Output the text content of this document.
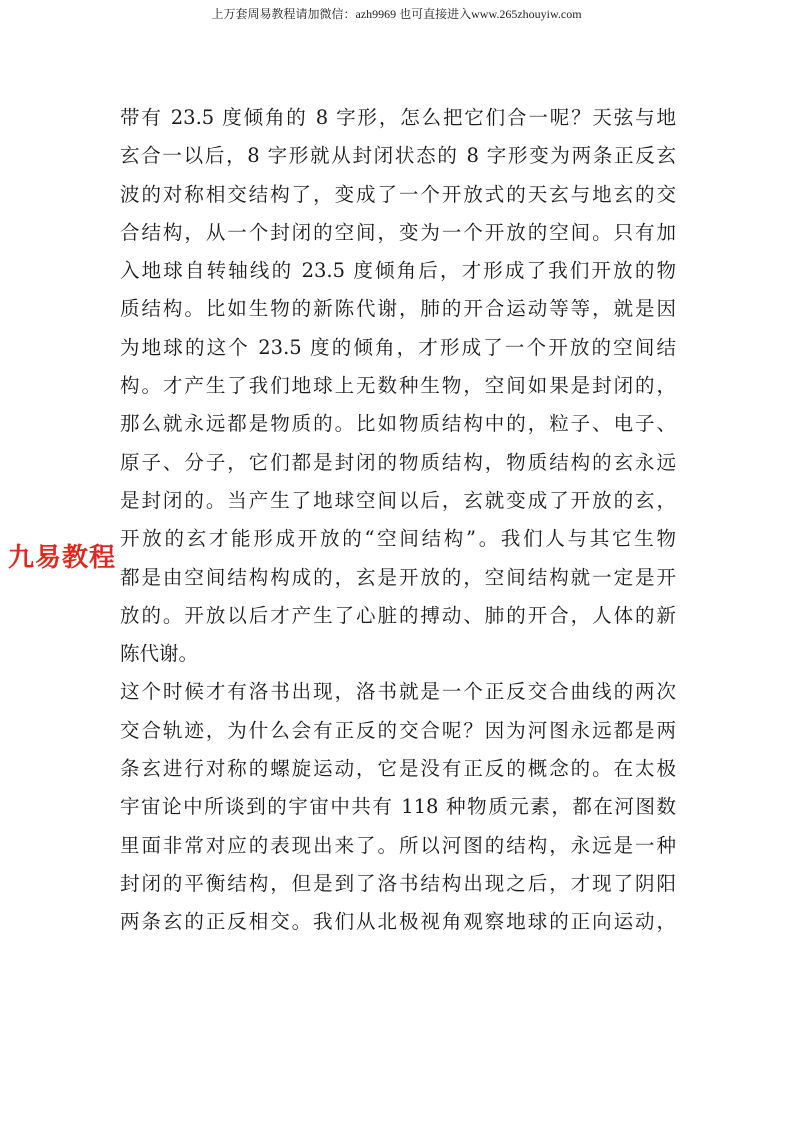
上万套周易教程请加微信：azh9969 也可直接进入www.265zhouyiw.com
带有 23.5 度倾角的 8 字形，怎么把它们合一呢？天弦与地
玄合一以后，8 字形就从封闭状态的 8 字形变为两条正反玄
波的对称相交结构了，变成了一个开放式的天玄与地玄的交
合结构，从一个封闭的空间，变为一个开放的空间。只有加
入地球自转轴线的 23.5 度倾角后，才形成了我们开放的物
质结构。比如生物的新陈代谢，肺的开合运动等等，就是因
为地球的这个 23.5 度的倾角，才形成了一个开放的空间结
构。才产生了我们地球上无数种生物，空间如果是封闭的，
那么就永远都是物质的。比如物质结构中的，粒子、电子、
原子、分子，它们都是封闭的物质结构，物质结构的玄永远
是封闭的。当产生了地球空间以后，玄就变成了开放的玄，
开放的玄才能形成开放的“空间结构”。我们人与其它生物
都是由空间结构构成的，玄是开放的，空间结构就一定是开
放的。开放以后才产生了心脏的搏动、肺的开合，人体的新
陈代谢。
这个时候才有洛书出现，洛书就是一个正反交合曲线的两次
交合轨迹，为什么会有正反的交合呢？因为河图永远都是两
条玄进行对称的螺旋运动，它是没有正反的概念的。在太极
宇宙论中所谈到的宇宙中共有 118 种物质元素，都在河图数
里面非常对应的表现出来了。所以河图的结构，永远是一种
封闭的平衡结构，但是到了洛书结构出现之后，才现了阴阳
两条玄的正反相交。我们从北极视角观察地球的正向运动，
九易教程
